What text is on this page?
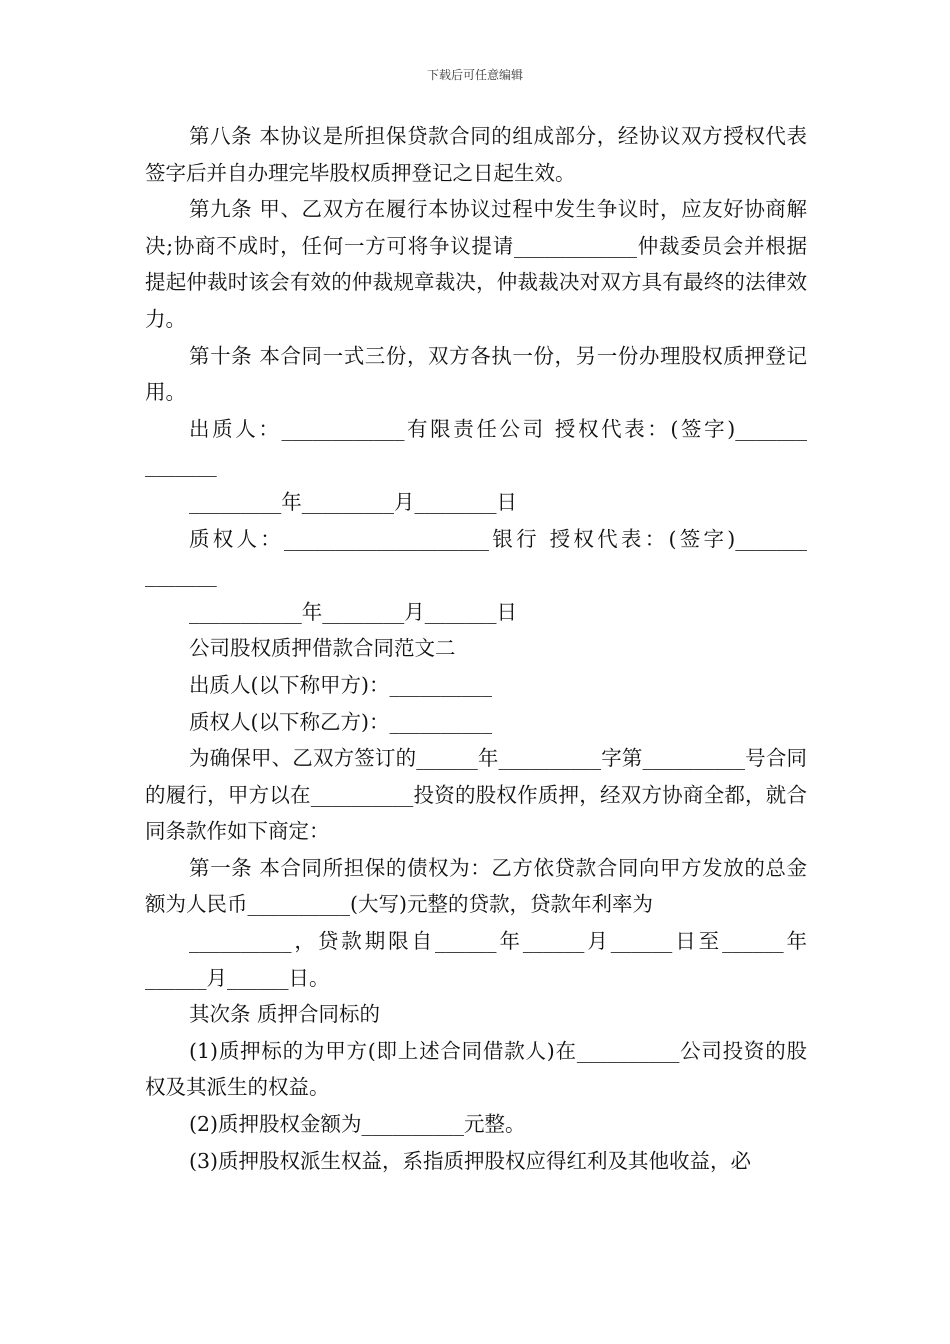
下载后可任意编辑

第八条 本协议是所担保贷款合同的组成部分，经协议双方授权代表签字后并自办理完毕股权质押登记之日起生效。

第九条 甲、乙双方在履行本协议过程中发生争议时，应友好协商解决;协商不成时，任何一方可将争议提请____________仲裁委员会并根据提起仲裁时该会有效的仲裁规章裁决，仲裁裁决对双方具有最终的法律效力。

第十条 本合同一式三份，双方各执一份，另一份办理股权质押登记用。

出质人：____________有限责任公司 授权代表：(签字)_______

_______

_________年_________月________日

质权人：____________________银行 授权代表：(签字)_______

_______

___________年________月_______日

公司股权质押借款合同范文二

出质人(以下称甲方)：__________

质权人(以下称乙方)：__________

为确保甲、乙双方签订的______年__________字第__________号合同的履行，甲方以在__________投资的股权作质押，经双方协商全都，就合同条款作如下商定：

第一条 本合同所担保的债权为：乙方依贷款合同向甲方发放的总金额为人民币__________(大写)元整的贷款，贷款年利率为

__________，贷款期限自______年______月______日至______年______月______日。

其次条 质押合同标的

(1)质押标的为甲方(即上述合同借款人)在__________公司投资的股权及其派生的权益。

(2)质押股权金额为__________元整。

(3)质押股权派生权益，系指质押股权应得红利及其他收益，必
